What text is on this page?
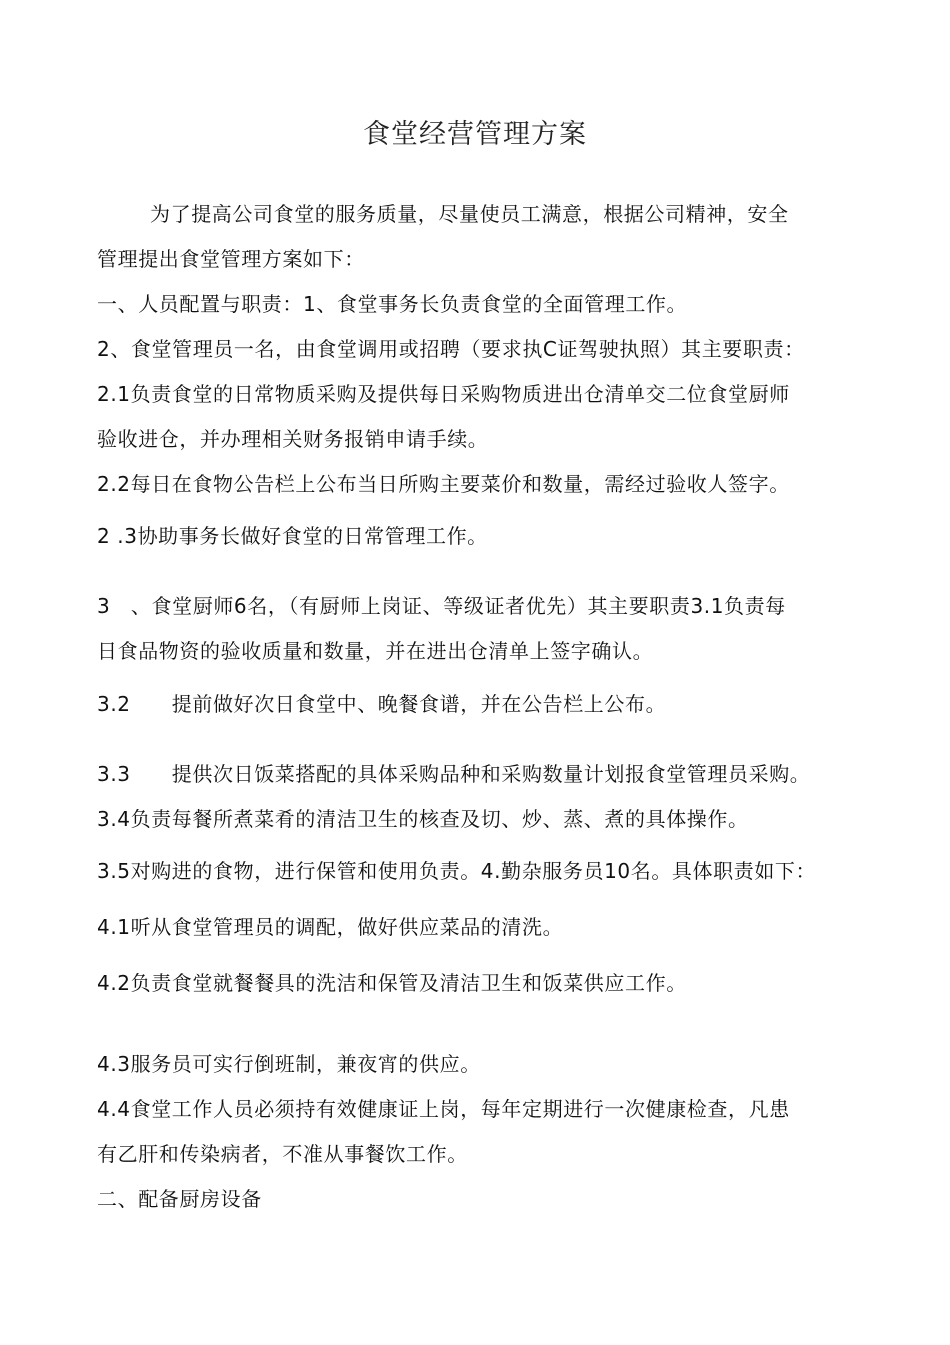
食堂经营管理方案
为了提高公司食堂的服务质量，尽量使员工满意，根据公司精神，安全
管理提出食堂管理方案如下：
一、人员配置与职责：1、食堂事务长负责食堂的全面管理工作。
2、食堂管理员一名，由食堂调用或招聘（要求执C证驾驶执照）其主要职责：
2.1负责食堂的日常物质采购及提供每日采购物质进出仓清单交二位食堂厨师
验收进仓，并办理相关财务报销申请手续。
2.2每日在食物公告栏上公布当日所购主要菜价和数量，需经过验收人签字。
2 .3协助事务长做好食堂的日常管理工作。
3　、食堂厨师6名，（有厨师上岗证、等级证者优先）其主要职责3.1负责每
日食品物资的验收质量和数量，并在进出仓清单上签字确认。
3.2　　提前做好次日食堂中、晚餐食谱，并在公告栏上公布。
3.3　　提供次日饭菜搭配的具体采购品种和采购数量计划报食堂管理员采购。
3.4负责每餐所煮菜肴的清洁卫生的核查及切、炒、蒸、煮的具体操作。
3.5对购进的食物，进行保管和使用负责。4.勤杂服务员10名。具体职责如下：
4.1听从食堂管理员的调配，做好供应菜品的清洗。
4.2负责食堂就餐餐具的洗洁和保管及清洁卫生和饭菜供应工作。
4.3服务员可实行倒班制，兼夜宵的供应。
4.4食堂工作人员必须持有效健康证上岗，每年定期进行一次健康检查，凡患
有乙肝和传染病者，不准从事餐饮工作。
二、配备厨房设备
